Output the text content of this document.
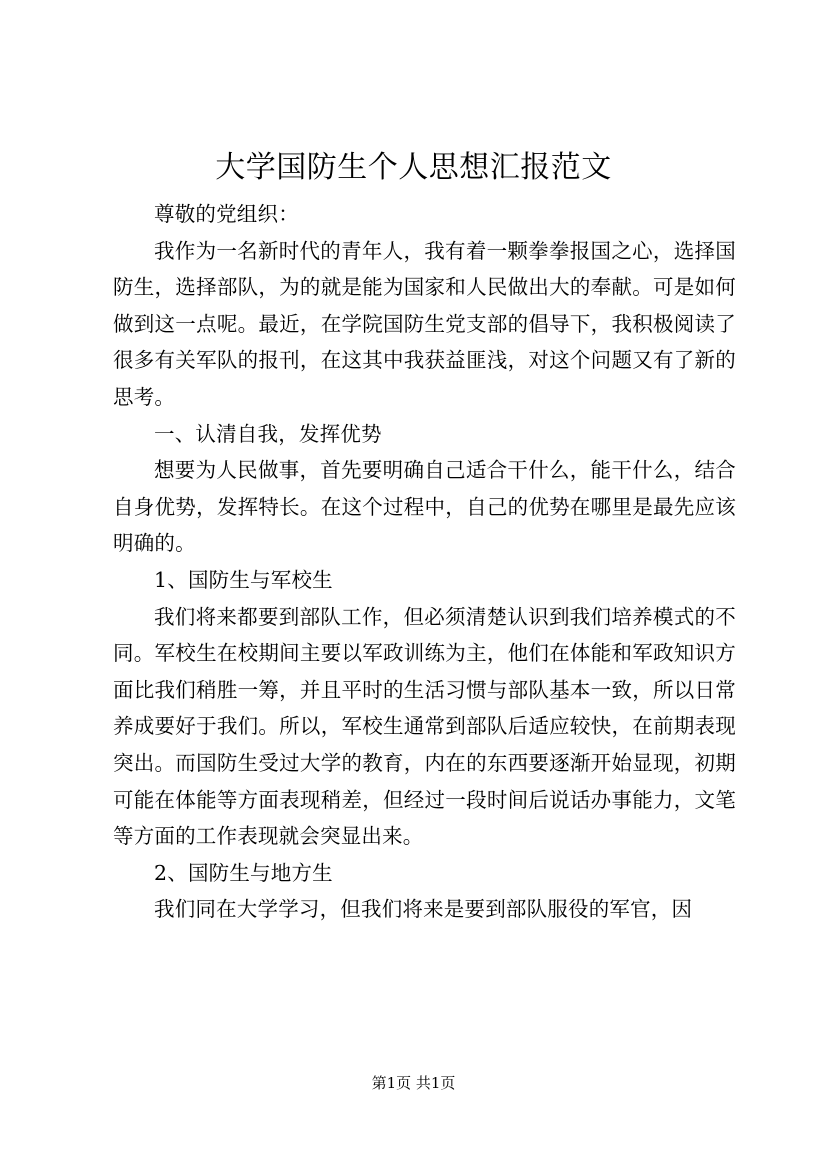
大学国防生个人思想汇报范文

尊敬的党组织：

我作为一名新时代的青年人，我有着一颗拳拳报国之心，选择国防生，选择部队，为的就是能为国家和人民做出大的奉献。可是如何做到这一点呢。最近，在学院国防生党支部的倡导下，我积极阅读了很多有关军队的报刊，在这其中我获益匪浅，对这个问题又有了新的思考。

一、认清自我，发挥优势

想要为人民做事，首先要明确自己适合干什么，能干什么，结合自身优势，发挥特长。在这个过程中，自己的优势在哪里是最先应该明确的。

1、国防生与军校生

我们将来都要到部队工作，但必须清楚认识到我们培养模式的不同。军校生在校期间主要以军政训练为主，他们在体能和军政知识方面比我们稍胜一筹，并且平时的生活习惯与部队基本一致，所以日常养成要好于我们。所以，军校生通常到部队后适应较快，在前期表现突出。而国防生受过大学的教育，内在的东西要逐渐开始显现，初期可能在体能等方面表现稍差，但经过一段时间后说话办事能力，文笔等方面的工作表现就会突显出来。

2、国防生与地方生

我们同在大学学习，但我们将来是要到部队服役的军官，因

第1页 共1页
